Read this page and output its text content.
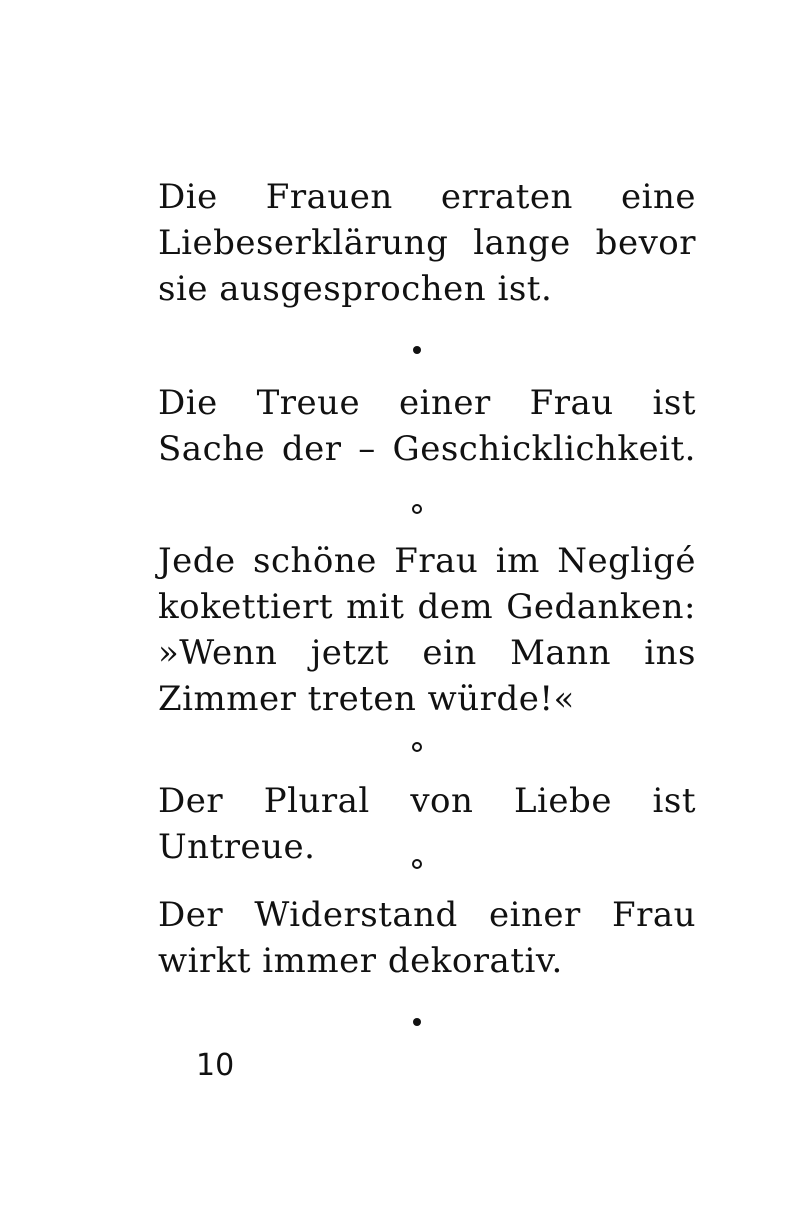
Die Frauen erraten eine
Liebeserklärung lange bevor
sie ausgesprochen ist.
Die Treue einer Frau ist
Sache der – Geschicklichkeit.
Jede schöne Frau im Negligé
kokettiert mit dem Gedanken:
»Wenn jetzt ein Mann ins
Zimmer treten würde!«
Der Plural von Liebe ist
Untreue.
Der Widerstand einer Frau
wirkt immer dekorativ.
10
